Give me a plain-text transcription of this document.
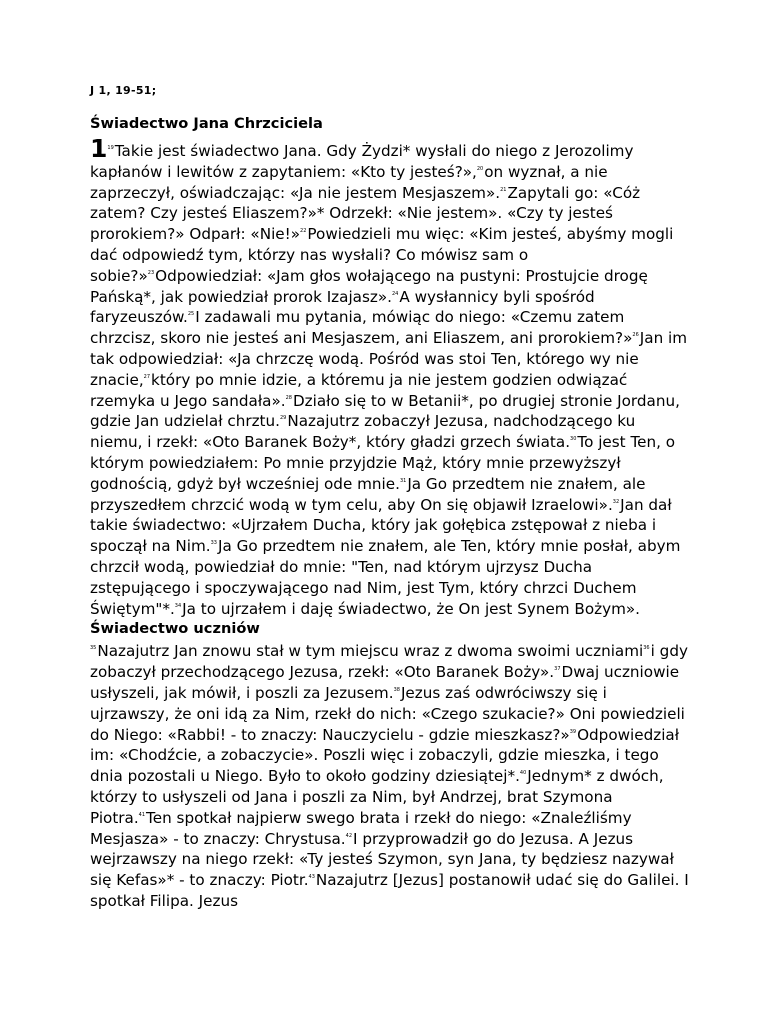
J 1, 19-51;

Świadectwo Jana Chrzciciela

$1^{19}Takie$ jest świadectwo Jana. Gdy Żydzi* wysłali do niego z Jerozolimy kapłanów i lewitów z zapytaniem: «Kto ty jesteś?»,$^{20}$on wyznał, a nie zaprzeczył, oświadczając: «Ja nie jestem Mesjaszem».$^{21}$Zapytali go: «Cóż zatem? Czy jesteś Eliaszem?»* Odrzekł: «Nie jestem». «Czy ty jesteś prorokiem?» Odparł: «Nie!»$^{22}$Powiedzieli mu więc: «Kim jesteś, abyśmy mogli dać odpowiedź tym, którzy nas wysłali? Co mówisz sam o sobie?»$^{23}$Odpowiedział: «Jam głos wołającego na pustyni: Prostujcie drogę Pańską*, jak powiedział prorok Izajasz».$^{24}$A wysłannicy byli spośród faryzeuszów.$^{25}$I zadawali mu pytania, mówiąc do niego: «Czemu zatem chrzcisz, skoro nie jesteś ani Mesjaszem, ani Eliaszem, ani prorokiem?»$^{26}$Jan im tak odpowiedział: «Ja chrzczę wodą. Pośród was stoi Ten, którego wy nie znacie,$^{27}$który po mnie idzie, a któremu ja nie jestem godzien odwiązać rzemyka u Jego sandała».$^{28}$Działo się to w Betanii*, po drugiej stronie Jordanu, gdzie Jan udzielał chrztu.$^{29}$Nazajutrz zobaczył Jezusa, nadchodzącego ku niemu, i rzekł: «Oto Baranek Boży*, który gładzi grzech świata.$^{30}$To jest Ten, o którym powiedziałem: Po mnie przyjdzie Mąż, który mnie przewyższył godnością, gdyż był wcześniej ode mnie.$^{31}$Ja Go przedtem nie znałem, ale przyszedłem chrzcić wodą w tym celu, aby On się objawił Izraelowi».$^{32}$Jan dał takie świadectwo: «Ujrzałem Ducha, który jak gołębica zstępował z nieba i spoczął na Nim.$^{33}$Ja Go przedtem nie znałem, ale Ten, który mnie posłał, abym chrzcił wodą, powiedział do mnie: "Ten, nad którym ujrzysz Ducha zstępującego i spoczywającego nad Nim, jest Tym, który chrzci Duchem Świętym"*.$^{34}$Ja to ujrzałem i daję świadectwo, że On jest Synem Bożym».

Świadectwo uczniów

$^{35}$Nazajutrz Jan znowu stał w tym miejscu wraz z dwoma swoimi uczniami$^{36}$i gdy zobaczył przechodzącego Jezusa, rzekł: «Oto Baranek Boży».$^{37}$Dwaj uczniowie usłyszeli, jak mówił, i poszli za Jezusem.$^{38}$Jezus zaś odwróciwszy się i ujrzawszy, że oni idą za Nim, rzekł do nich: «Czego szukacie?» Oni powiedzieli do Niego: «Rabbi! - to znaczy: Nauczycielu - gdzie mieszkasz?»$^{39}$Odpowiedział im: «Chodźcie, a zobaczycie». Poszli więc i zobaczyli, gdzie mieszka, i tego dnia pozostali u Niego. Było to około godziny dziesiątej*.$^{40}$Jednym* z dwóch, którzy to usłyszeli od Jana i poszli za Nim, był Andrzej, brat Szymona Piotra.$^{41}$Ten spotkał najpierw swego brata i rzekł do niego: «Znaleźliśmy Mesjasza» - to znaczy: Chrystusa.$^{42}$I przyprowadził go do Jezusa. A Jezus wejrzawszy na niego rzekł: «Ty jesteś Szymon, syn Jana, ty będziesz nazywał się Kefas»* - to znaczy: Piotr.$^{43}$Nazajutrz [Jezus] postanowił udać się do Galilei. I spotkał Filipa. Jezus
